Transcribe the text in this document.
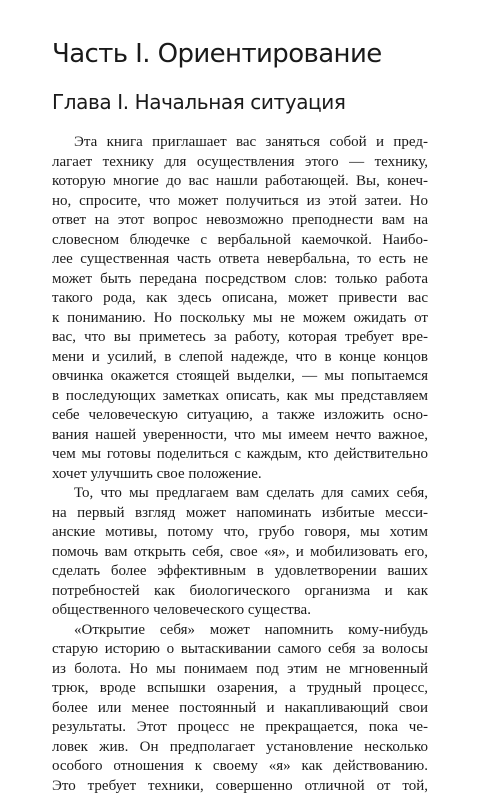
Часть I. Ориентирование
Глава I. Начальная ситуация
Эта книга приглашает вас заняться собой и пред-
лагает технику для осуществления этого — технику,
которую многие до вас нашли работающей. Вы, конеч-
но, спросите, что может получиться из этой затеи. Но
ответ на этот вопрос невозможно преподнести вам на
словесном блюдечке с вербальной каемочкой. Наибо-
лее существенная часть ответа невербальна, то есть не
может быть передана посредством слов: только работа
такого рода, как здесь описана, может привести вас
к пониманию. Но поскольку мы не можем ожидать от
вас, что вы приметесь за работу, которая требует вре-
мени и усилий, в слепой надежде, что в конце концов
овчинка окажется стоящей выделки, — мы попытаемся
в последующих заметках описать, как мы представляем
себе человеческую ситуацию, а также изложить осно-
вания нашей уверенности, что мы имеем нечто важное,
чем мы готовы поделиться с каждым, кто действительно
хочет улучшить свое положение.
То, что мы предлагаем вам сделать для самих себя,
на первый взгляд может напоминать избитые месси-
анские мотивы, потому что, грубо говоря, мы хотим
помочь вам открыть себя, свое «я», и мобилизовать его,
сделать более эффективным в удовлетворении ваших
потребностей как биологического организма и как
общественного человеческого существа.
«Открытие себя» может напомнить кому-нибудь
старую историю о вытаскивании самого себя за волосы
из болота. Но мы понимаем под этим не мгновенный
трюк, вроде вспышки озарения, а трудный процесс,
более или менее постоянный и накапливающий свои
результаты. Этот процесс не прекращается, пока че-
ловек жив. Он предполагает установление несколько
особого отношения к своему «я» как действованию.
Это требует техники, совершенно отличной от той,
